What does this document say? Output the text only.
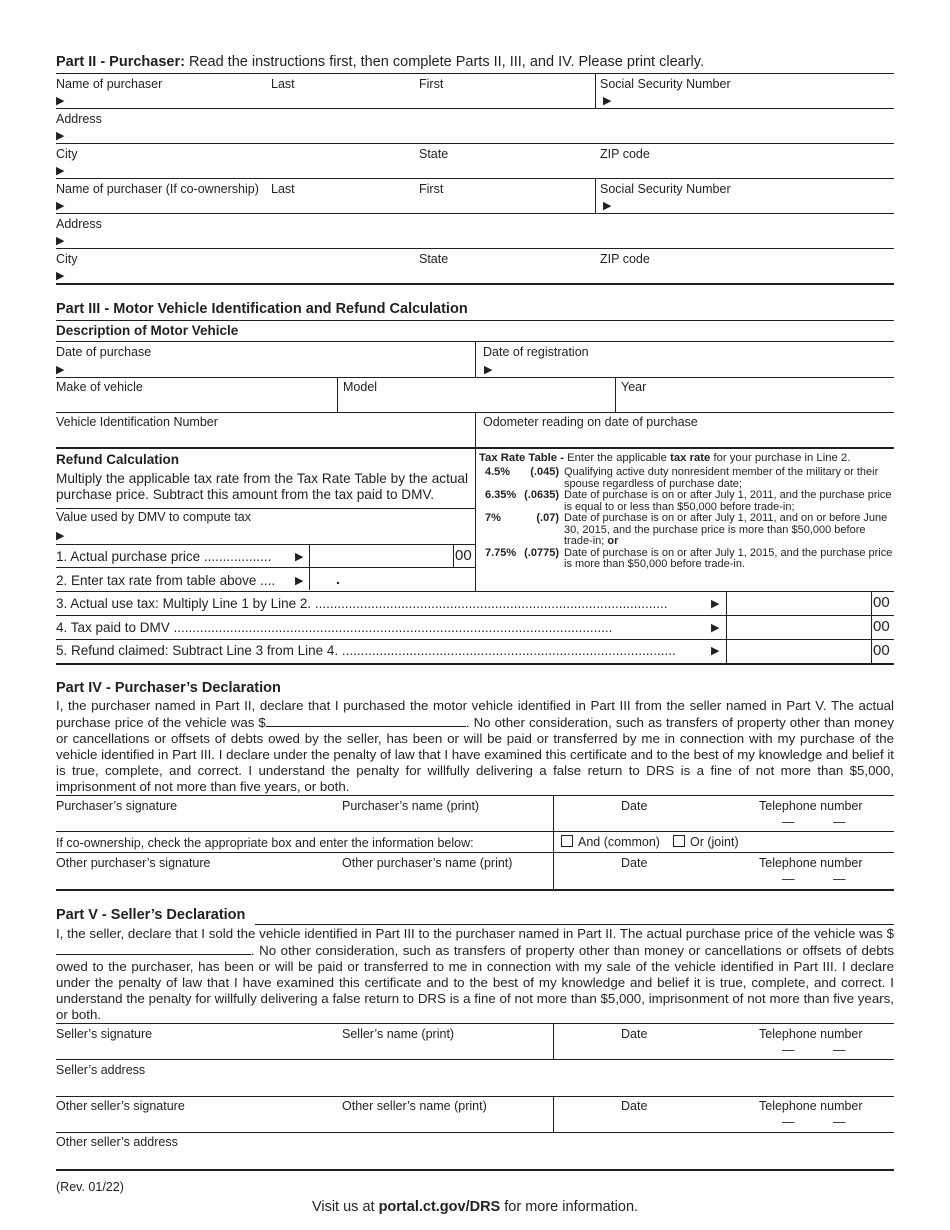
Part II - Purchaser: Read the instructions first, then complete Parts II, III, and IV. Please print clearly.
Name of purchaser	Last	First	Social Security Number
▶	▶
Address
▶
City	State	ZIP code
▶
Name of purchaser (If co-ownership) Last	First	Social Security Number
▶	▶
Address
▶
City	State	ZIP code
▶
Part III - Motor Vehicle Identification and Refund Calculation
Description of Motor Vehicle
Date of purchase	Date of registration
▶	▶
Make of vehicle	Model	Year
Vehicle Identification Number	Odometer reading on date of purchase
Refund Calculation
Multiply the applicable tax rate from the Tax Rate Table by the actual purchase price. Subtract this amount from the tax paid to DMV.
Value used by DMV to compute tax
▶
1. Actual purchase price .................. ▶	00
2. Enter tax rate from table above .... ▶ .
Tax Rate Table - Enter the applicable tax rate for your purchase in Line 2.
4.5%	(.045) Qualifying active duty nonresident member of the military or their spouse regardless of purchase date;
6.35% (.0635) Date of purchase is on or after July 1, 2011, and the purchase price is equal to or less than $50,000 before trade-in;
7%	(.07) Date of purchase is on or after July 1, 2011, and on or before June 30, 2015, and the purchase price is more than $50,000 before trade-in; or
7.75% (.0775) Date of purchase is on or after July 1, 2015, and the purchase price is more than $50,000 before trade-in.
3. Actual use tax: Multiply Line 1 by Line 2. ..............................................................................................	▶	00
4. Tax paid to DMV .....................................................................................................................	▶	00
5. Refund claimed: Subtract Line 3 from Line 4. .........................................................................................	▶	00
Part IV - Purchaser’s Declaration
I, the purchaser named in Part II, declare that I purchased the motor vehicle identified in Part III from the seller named in Part V. The actual purchase price of the vehicle was $	. No other consideration, such as transfers of property other than money or cancellations or offsets of debts owed by the seller, has been or will be paid or transferred by me in connection with my purchase of the vehicle identified in Part III. I declare under the penalty of law that I have examined this certificate and to the best of my knowledge and belief it is true, complete, and correct. I understand the penalty for willfully delivering a false return to DRS is a fine of not more than $5,000, imprisonment of not more than five years, or both.
Purchaser’s signature	Purchaser’s name (print)	Date	Telephone number
—	—
If co-ownership, check the appropriate box and enter the information below:	And (common)	Or (joint)
Other purchaser’s signature	Other purchaser’s name (print)	Date	Telephone number
—	—
Part V - Seller’s Declaration
I, the seller, declare that I sold the vehicle identified in Part III to the purchaser named in Part II. The actual purchase price of the vehicle was $. No other consideration, such as transfers of property other than money or cancellations or offsets of debts owed to the purchaser, has been or will be paid or transferred to me in connection with my sale of the vehicle identified in Part III. I declare under the penalty of law that I have examined this certificate and to the best of my knowledge and belief it is true, complete, and correct. I understand the penalty for willfully delivering a false return to DRS is a fine of not more than $5,000, imprisonment of not more than five years, or both.
Seller’s signature	Seller’s name (print)	Date	Telephone number
—	—
Seller’s address
Other seller’s signature	Other seller’s name (print)	Date	Telephone number
—	—
Other seller’s address
(Rev. 01/22)
Visit us at portal.ct.gov/DRS for more information.
